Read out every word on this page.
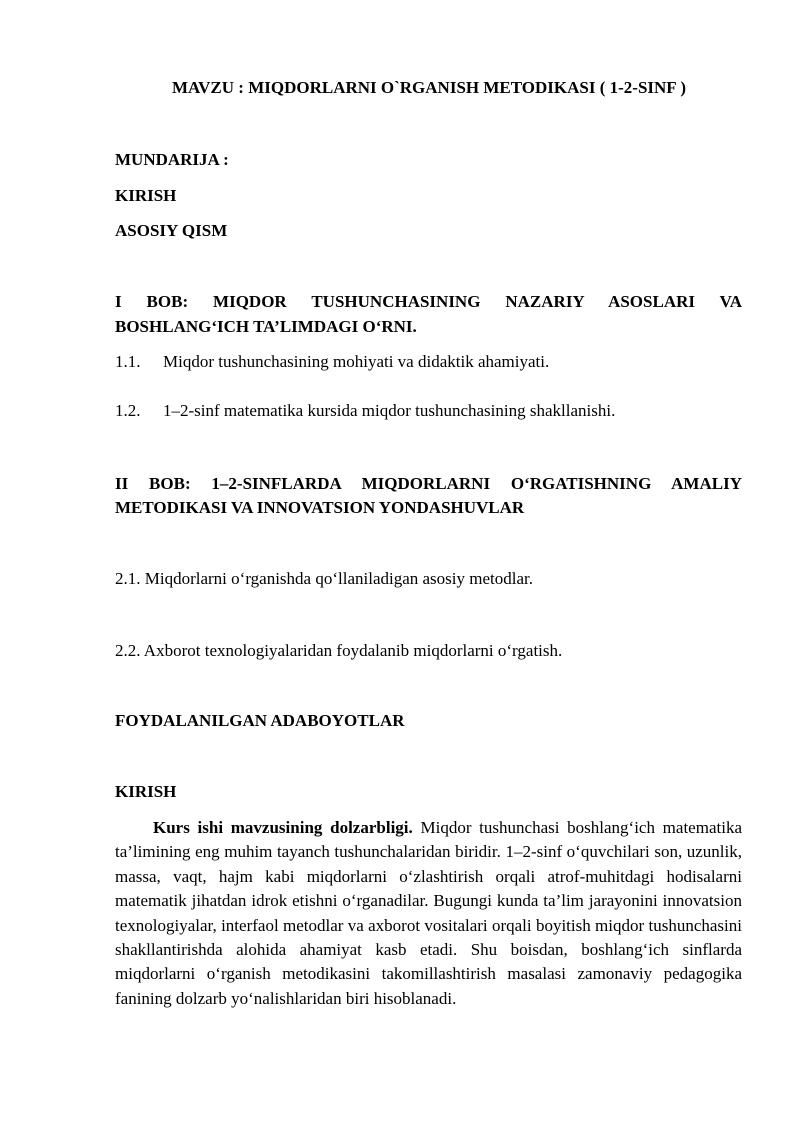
MAVZU : MIQDORLARNI O`RGANISH METODIKASI ( 1-2-SINF )
MUNDARIJA :
KIRISH
ASOSIY QISM
I BOB: MIQDOR TUSHUNCHASINING NAZARIY ASOSLARI VA
BOSHLANG‘ICH TA’LIMDAGI O‘RNI.
1.1. Miqdor tushunchasining mohiyati va didaktik ahamiyati.
1.2. 1–2-sinf matematika kursida miqdor tushunchasining shakllanishi.
II BOB: 1–2-SINFLARDA MIQDORLARNI O‘RGATISHNING AMALIY
METODIKASI VA INNOVATSION YONDASHUVLAR
2.1. Miqdorlarni o‘rganishda qo‘llaniladigan asosiy metodlar.
2.2. Axborot texnologiyalaridan foydalanib miqdorlarni o‘rgatish.
FOYDALANILGAN ADABOYOTLAR
KIRISH
Kurs ishi mavzusining dolzarbligi. Miqdor tushunchasi boshlang‘ich matematika ta’limining eng muhim tayanch tushunchalaridan biridir. 1–2-sinf o‘quvchilari son, uzunlik, massa, vaqt, hajm kabi miqdorlarni o‘zlashtirish orqali atrof-muhitdagi hodisalarni matematik jihatdan idrok etishni o‘rganadilar. Bugungi kunda ta’lim jarayonini innovatsion texnologiyalar, interfaol metodlar va axborot vositalari orqali boyitish miqdor tushunchasini shakllantirishda alohida ahamiyat kasb etadi. Shu boisdan, boshlang‘ich sinflarda miqdorlarni o‘rganish metodikasini takomillashtirish masalasi zamonaviy pedagogika fanining dolzarb yo‘nalishlaridan biri hisoblanadi.
